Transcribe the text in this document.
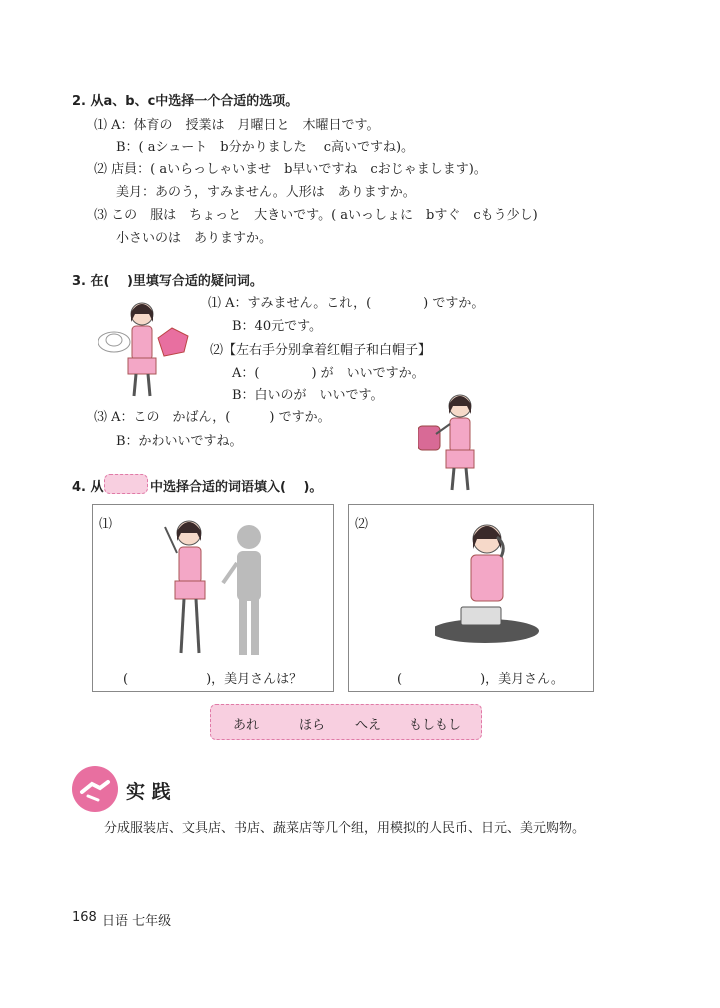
2. 从a、b、c中选择一个合适的选项。
⑴ A：体育の　授業は　月曜日と　木曜日です。
B：( aシュート　b分かりました　 c高いですね)。
⑵ 店員：( aいらっしゃいませ　b早いですね　cおじゃまします)。
美月：あのう，すみません。人形は　ありますか。
⑶ この　服は　ちょっと　大きいです。( aいっしょに　bすぐ　cもう少し)
小さいのは　ありますか。
3. 在(　 )里填写合适的疑问词。
⑴ A：すみません。これ，(　　　　) ですか。
B：40元です。
⑵【左右手分别拿着红帽子和白帽子】
A：(　　　　) が　いいですか。
B：白いのが　いいです。
⑶ A：この　かばん，(　　　) ですか。
B：かわいいですね。
4. 从	中选择合适的词语填入(　 )。
⑴
(　　　　　　)，美月さんは？
⑵
(　　　　　　)，美月さん。
あれ	ほら へえ もしもし
实 践
分成服装店、文具店、书店、蔬菜店等几个组，用模拟的人民币、日元、美元购物。
168 日语 七年级
